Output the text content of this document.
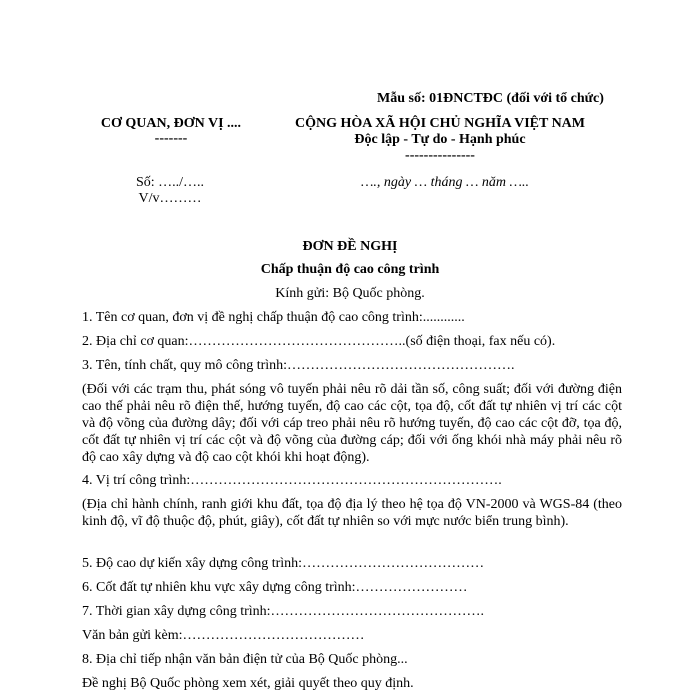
Mẫu số: 01ĐNCTĐC (đối với tổ chức)
CƠ QUAN, ĐƠN VỊ ....
-------
CỘNG HÒA XÃ HỘI CHỦ NGHĨA VIỆT NAM
Độc lập - Tự do - Hạnh phúc
---------------
Số: …../…..
V/v………
…., ngày … tháng … năm …..
ĐƠN ĐỀ NGHỊ
Chấp thuận độ cao công trình
Kính gửi: Bộ Quốc phòng.
1. Tên cơ quan, đơn vị đề nghị chấp thuận độ cao công trình:............
2. Địa chỉ cơ quan:………………………………………..(số điện thoại, fax nếu có).
3. Tên, tính chất, quy mô công trình:………………………………………….
(Đối với các trạm thu, phát sóng vô tuyến phải nêu rõ dải tần số, công suất; đối với đường điện cao thế phải nêu rõ điện thế, hướng tuyến, độ cao các cột, tọa độ, cốt đất tự nhiên vị trí các cột và độ võng của đường dây; đối với cáp treo phải nêu rõ hướng tuyến, độ cao các cột đỡ, tọa độ, cốt đất tự nhiên vị trí các cột và độ võng của đường cáp; đối với ống khói nhà máy phải nêu rõ độ cao xây dựng và độ cao cột khói khi hoạt động).
4. Vị trí công trình:………………………………………………………….
(Địa chỉ hành chính, ranh giới khu đất, tọa độ địa lý theo hệ tọa độ VN-2000 và WGS-84 (theo kinh độ, vĩ độ thuộc độ, phút, giây), cốt đất tự nhiên so với mực nước biển trung bình).
5. Độ cao dự kiến xây dựng công trình:…………………………………
6. Cốt đất tự nhiên khu vực xây dựng công trình:……………………
7. Thời gian xây dựng công trình:……………………………………….
Văn bản gửi kèm:…………………………………
8. Địa chỉ tiếp nhận văn bản điện tử của Bộ Quốc phòng...
Đề nghị Bộ Quốc phòng xem xét, giải quyết theo quy định.
